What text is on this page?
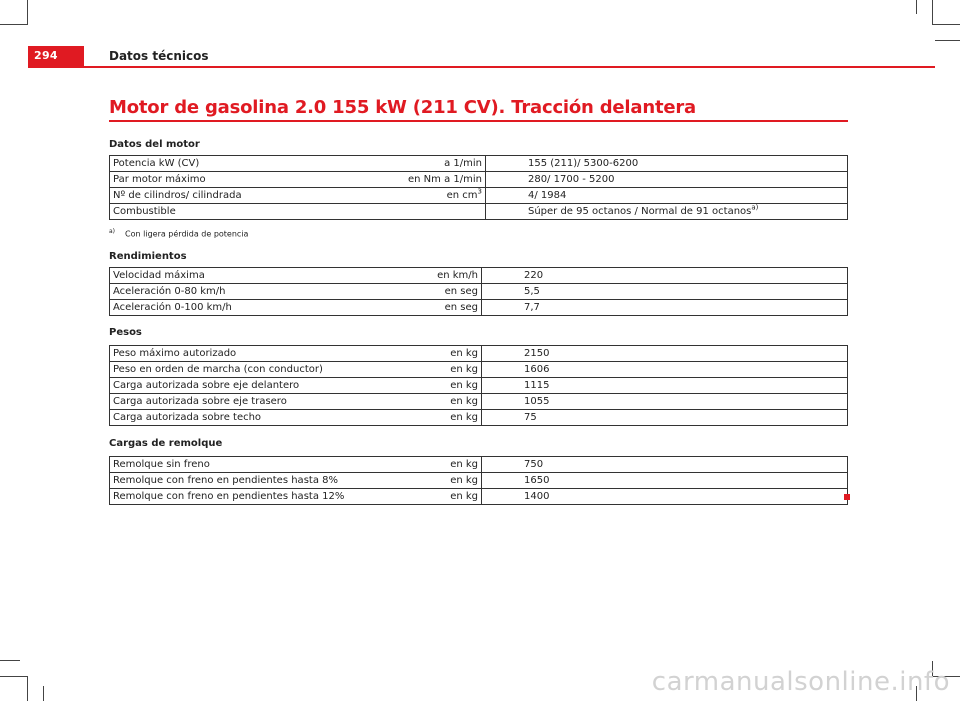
294	Datos técnicos
Motor de gasolina 2.0 155 kW (211 CV). Tracción delantera
Datos del motor
Potencia kW (CV)	a 1/min	155 (211)/ 5300-6200
Par motor máximo	en Nm a 1/min	280/ 1700 - 5200
Nº de cilindros/ cilindrada	en $cm^3$	4/ 1984
Combustible		Súper de 95 octanos / Normal de 91 octanos$^{a)}$
$^{a)}$ Con ligera pérdida de potencia
Rendimientos
Velocidad máxima	en km/h	220
Aceleración 0-80 km/h	en seg	5,5
Aceleración 0-100 km/h	en seg	7,7
Pesos
Peso máximo autorizado	en kg	2150
Peso en orden de marcha (con conductor)	en kg	1606
Carga autorizada sobre eje delantero	en kg	1115
Carga autorizada sobre eje trasero	en kg	1055
Carga autorizada sobre techo	en kg	75
Cargas de remolque
Remolque sin freno	en kg	750
Remolque con freno en pendientes hasta 8%	en kg	1650
Remolque con freno en pendientes hasta 12%	en kg	1400
carmanualsonline.info
